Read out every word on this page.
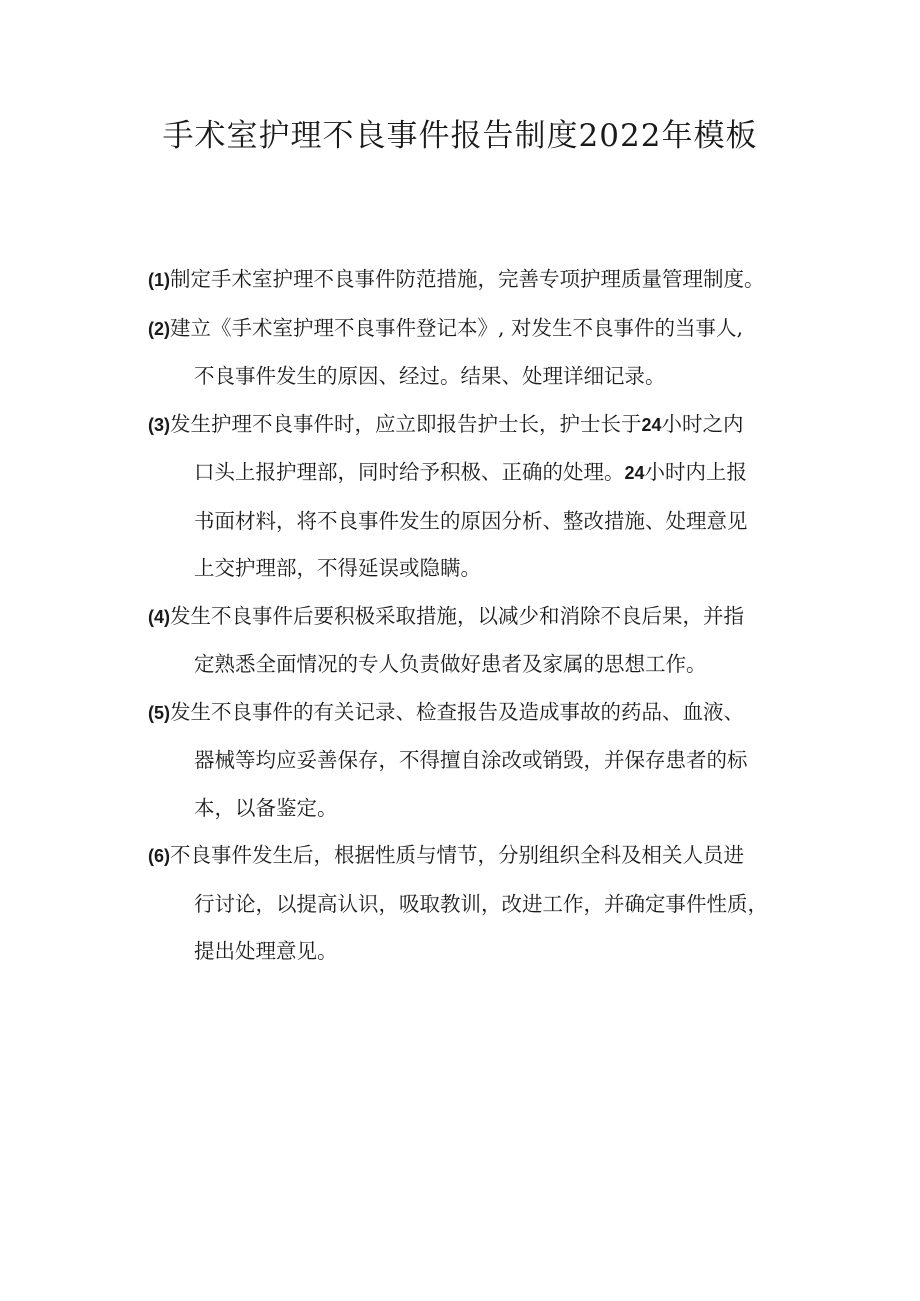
手术室护理不良事件报告制度2022年模板
(1)制定手术室护理不良事件防范措施，完善专项护理质量管理制度。
(2)建立《手术室护理不良事件登记本》, 对发生不良事件的当事人,
不良事件发生的原因、经过。结果、处理详细记录。
(3)发生护理不良事件时，应立即报告护士长，护士长于24小时之内
口头上报护理部，同时给予积极、正确的处理。24小时内上报
书面材料，将不良事件发生的原因分析、整改措施、处理意见
上交护理部，不得延误或隐瞒。
(4)发生不良事件后要积极采取措施，以减少和消除不良后果，并指
定熟悉全面情况的专人负责做好患者及家属的思想工作。
(5)发生不良事件的有关记录、检查报告及造成事故的药品、血液、
器械等均应妥善保存，不得擅自涂改或销毁，并保存患者的标
本，以备鉴定。
(6)不良事件发生后，根据性质与情节，分别组织全科及相关人员进
行讨论，以提高认识，吸取教训，改进工作，并确定事件性质，
提出处理意见。
